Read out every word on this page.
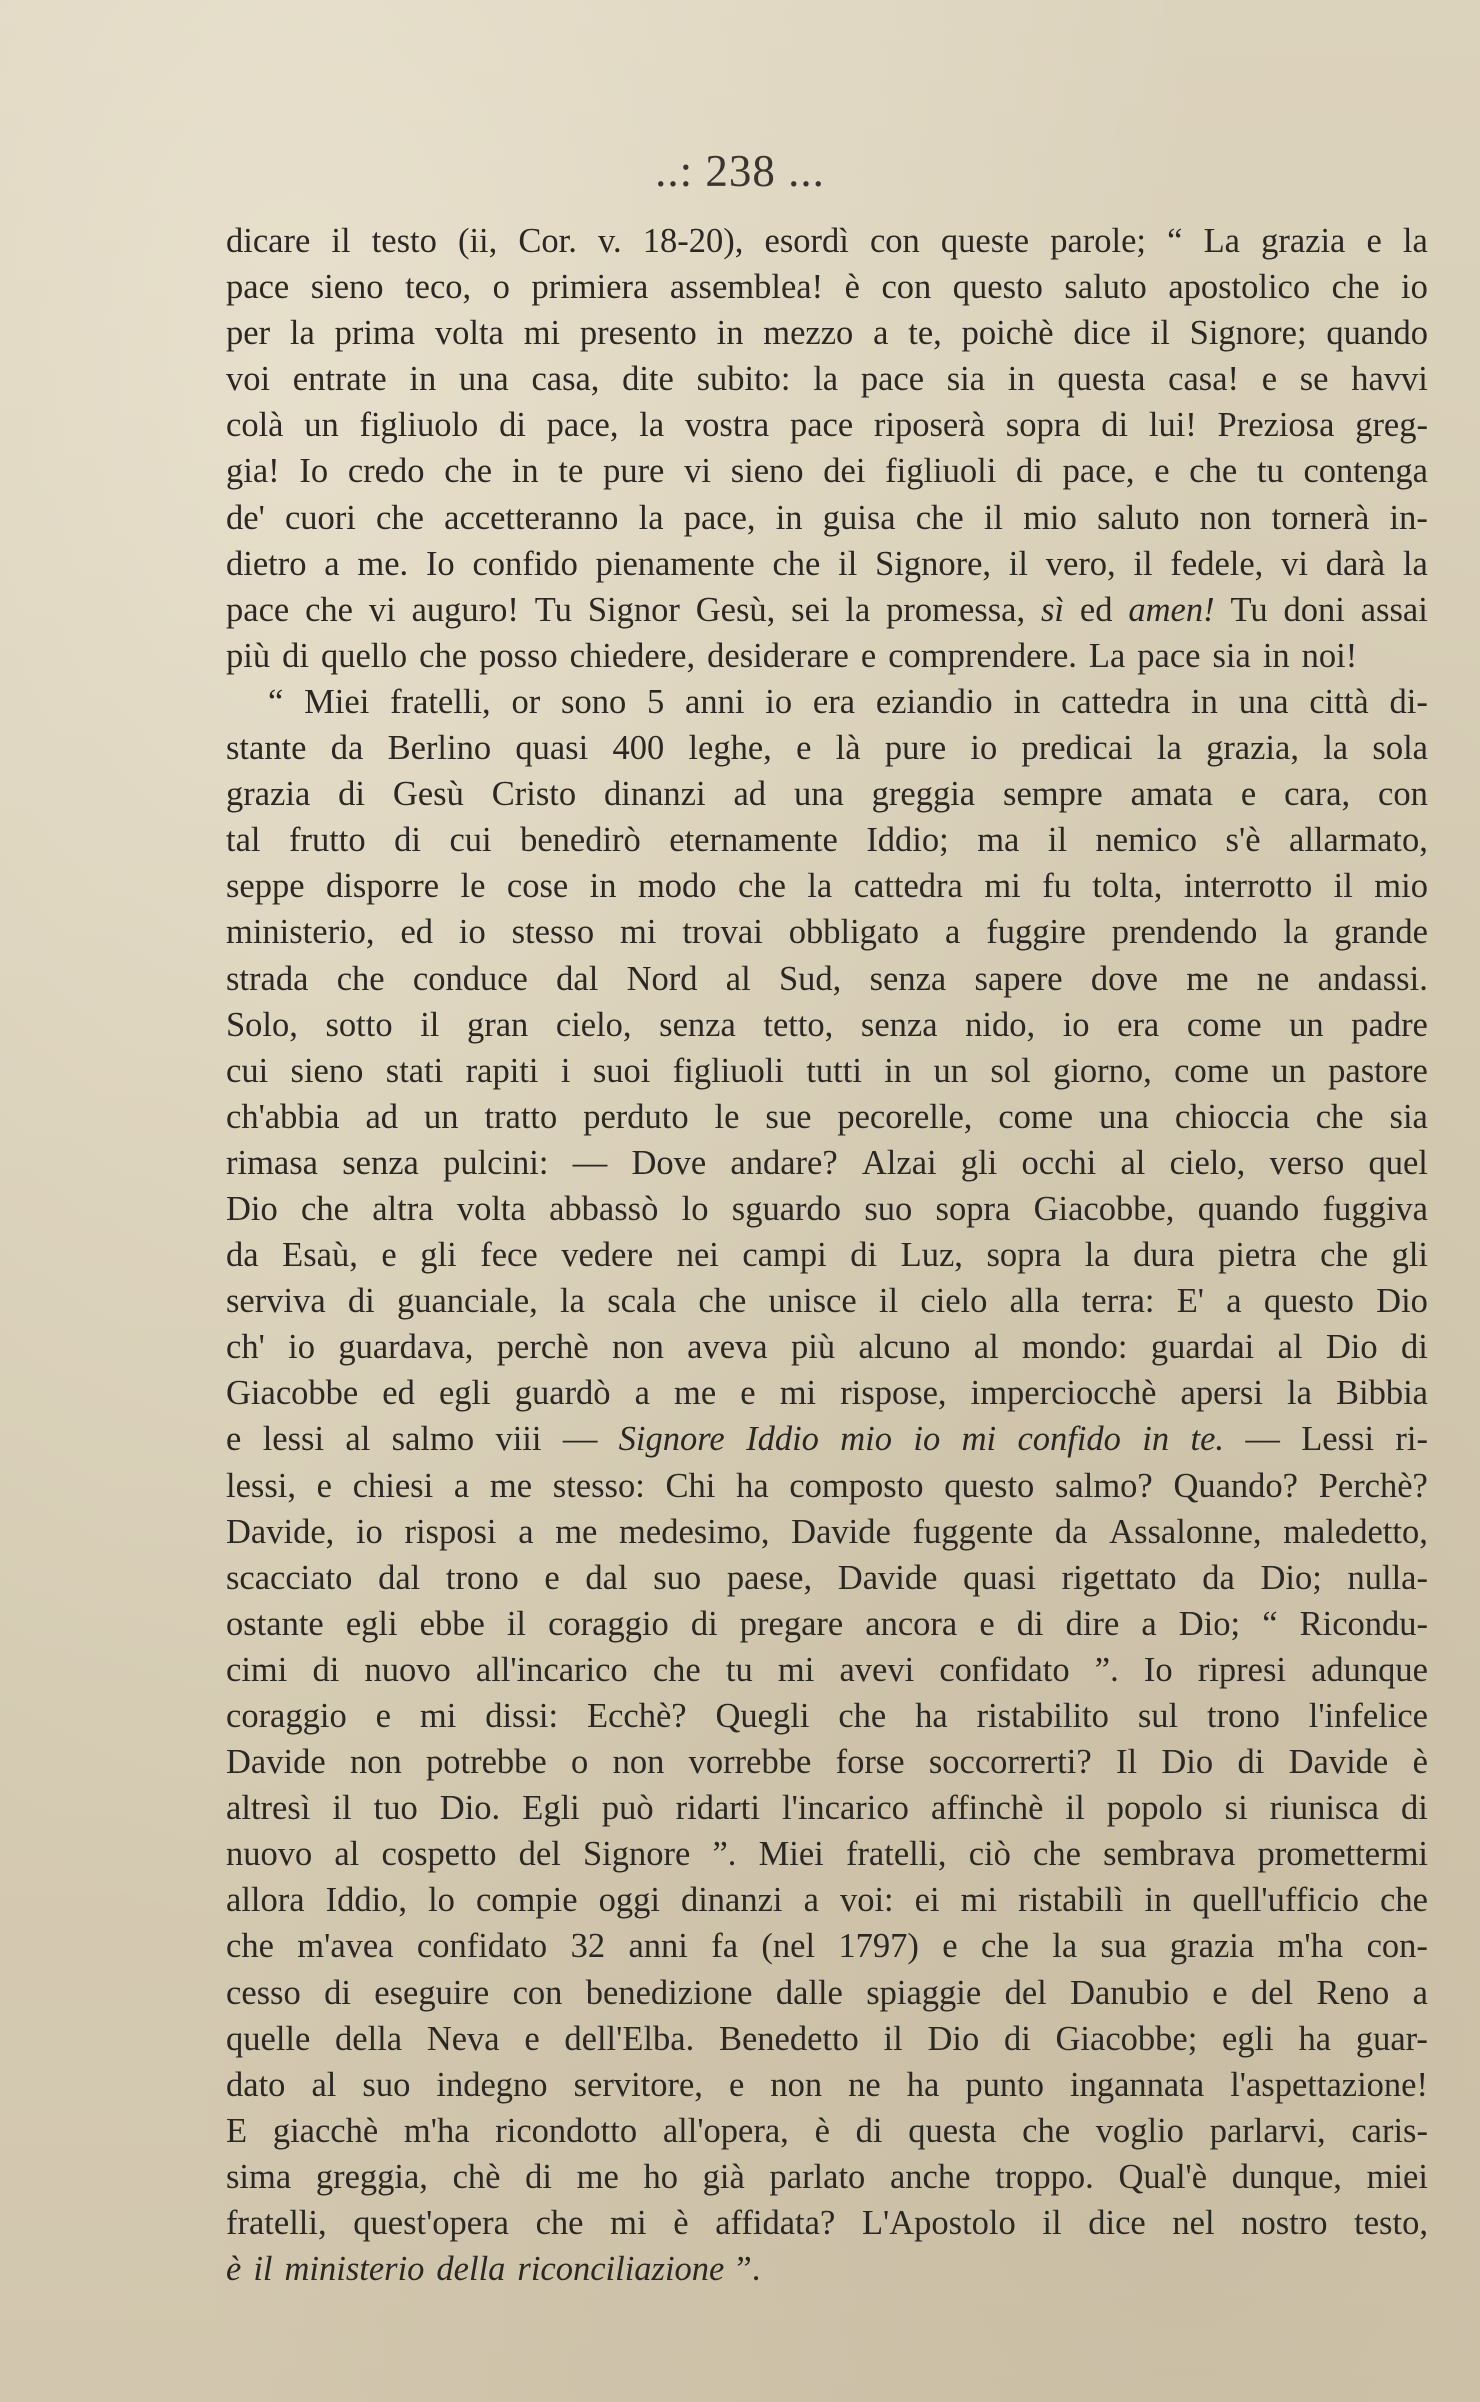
..: 238 ...
dicare il testo (ii, Cor. v. 18-20), esordì con queste parole; “ La grazia e la
pace sieno teco, o primiera assemblea! è con questo saluto apostolico che io
per la prima volta mi presento in mezzo a te, poichè dice il Signore; quando
voi entrate in una casa, dite subito: la pace sia in questa casa! e se havvi
colà un figliuolo di pace, la vostra pace riposerà sopra di lui! Preziosa greg-
gia! Io credo che in te pure vi sieno dei figliuoli di pace, e che tu contenga
de' cuori che accetteranno la pace, in guisa che il mio saluto non tornerà in-
dietro a me. Io confido pienamente che il Signore, il vero, il fedele, vi darà la
pace che vi auguro! Tu Signor Gesù, sei la promessa, sì ed amen! Tu doni assai
più di quello che posso chiedere, desiderare e comprendere. La pace sia in noi!
“ Miei fratelli, or sono 5 anni io era eziandio in cattedra in una città di-
stante da Berlino quasi 400 leghe, e là pure io predicai la grazia, la sola
grazia di Gesù Cristo dinanzi ad una greggia sempre amata e cara, con
tal frutto di cui benedirò eternamente Iddio; ma il nemico s'è allarmato,
seppe disporre le cose in modo che la cattedra mi fu tolta, interrotto il mio
ministerio, ed io stesso mi trovai obbligato a fuggire prendendo la grande
strada che conduce dal Nord al Sud, senza sapere dove me ne andassi.
Solo, sotto il gran cielo, senza tetto, senza nido, io era come un padre
cui sieno stati rapiti i suoi figliuoli tutti in un sol giorno, come un pastore
ch'abbia ad un tratto perduto le sue pecorelle, come una chioccia che sia
rimasa senza pulcini: — Dove andare? Alzai gli occhi al cielo, verso quel
Dio che altra volta abbassò lo sguardo suo sopra Giacobbe, quando fuggiva
da Esaù, e gli fece vedere nei campi di Luz, sopra la dura pietra che gli
serviva di guanciale, la scala che unisce il cielo alla terra: E' a questo Dio
ch' io guardava, perchè non aveva più alcuno al mondo: guardai al Dio di
Giacobbe ed egli guardò a me e mi rispose, imperciocchè apersi la Bibbia
e lessi al salmo viii — Signore Iddio mio io mi confido in te. — Lessi ri-
lessi, e chiesi a me stesso: Chi ha composto questo salmo? Quando? Perchè?
Davide, io risposi a me medesimo, Davide fuggente da Assalonne, maledetto,
scacciato dal trono e dal suo paese, Davide quasi rigettato da Dio; nulla-
ostante egli ebbe il coraggio di pregare ancora e di dire a Dio; “ Ricondu-
cimi di nuovo all'incarico che tu mi avevi confidato ”. Io ripresi adunque
coraggio e mi dissi: Ecchè? Quegli che ha ristabilito sul trono l'infelice
Davide non potrebbe o non vorrebbe forse soccorrerti? Il Dio di Davide è
altresì il tuo Dio. Egli può ridarti l'incarico affinchè il popolo si riunisca di
nuovo al cospetto del Signore ”. Miei fratelli, ciò che sembrava promettermi
allora Iddio, lo compie oggi dinanzi a voi: ei mi ristabilì in quell'ufficio che
che m'avea confidato 32 anni fa (nel 1797) e che la sua grazia m'ha con-
cesso di eseguire con benedizione dalle spiaggie del Danubio e del Reno a
quelle della Neva e dell'Elba. Benedetto il Dio di Giacobbe; egli ha guar-
dato al suo indegno servitore, e non ne ha punto ingannata l'aspettazione!
E giacchè m'ha ricondotto all'opera, è di questa che voglio parlarvi, caris-
sima greggia, chè di me ho già parlato anche troppo. Qual'è dunque, miei
fratelli, quest'opera che mi è affidata? L'Apostolo il dice nel nostro testo,
è il ministerio della riconciliazione ”.
